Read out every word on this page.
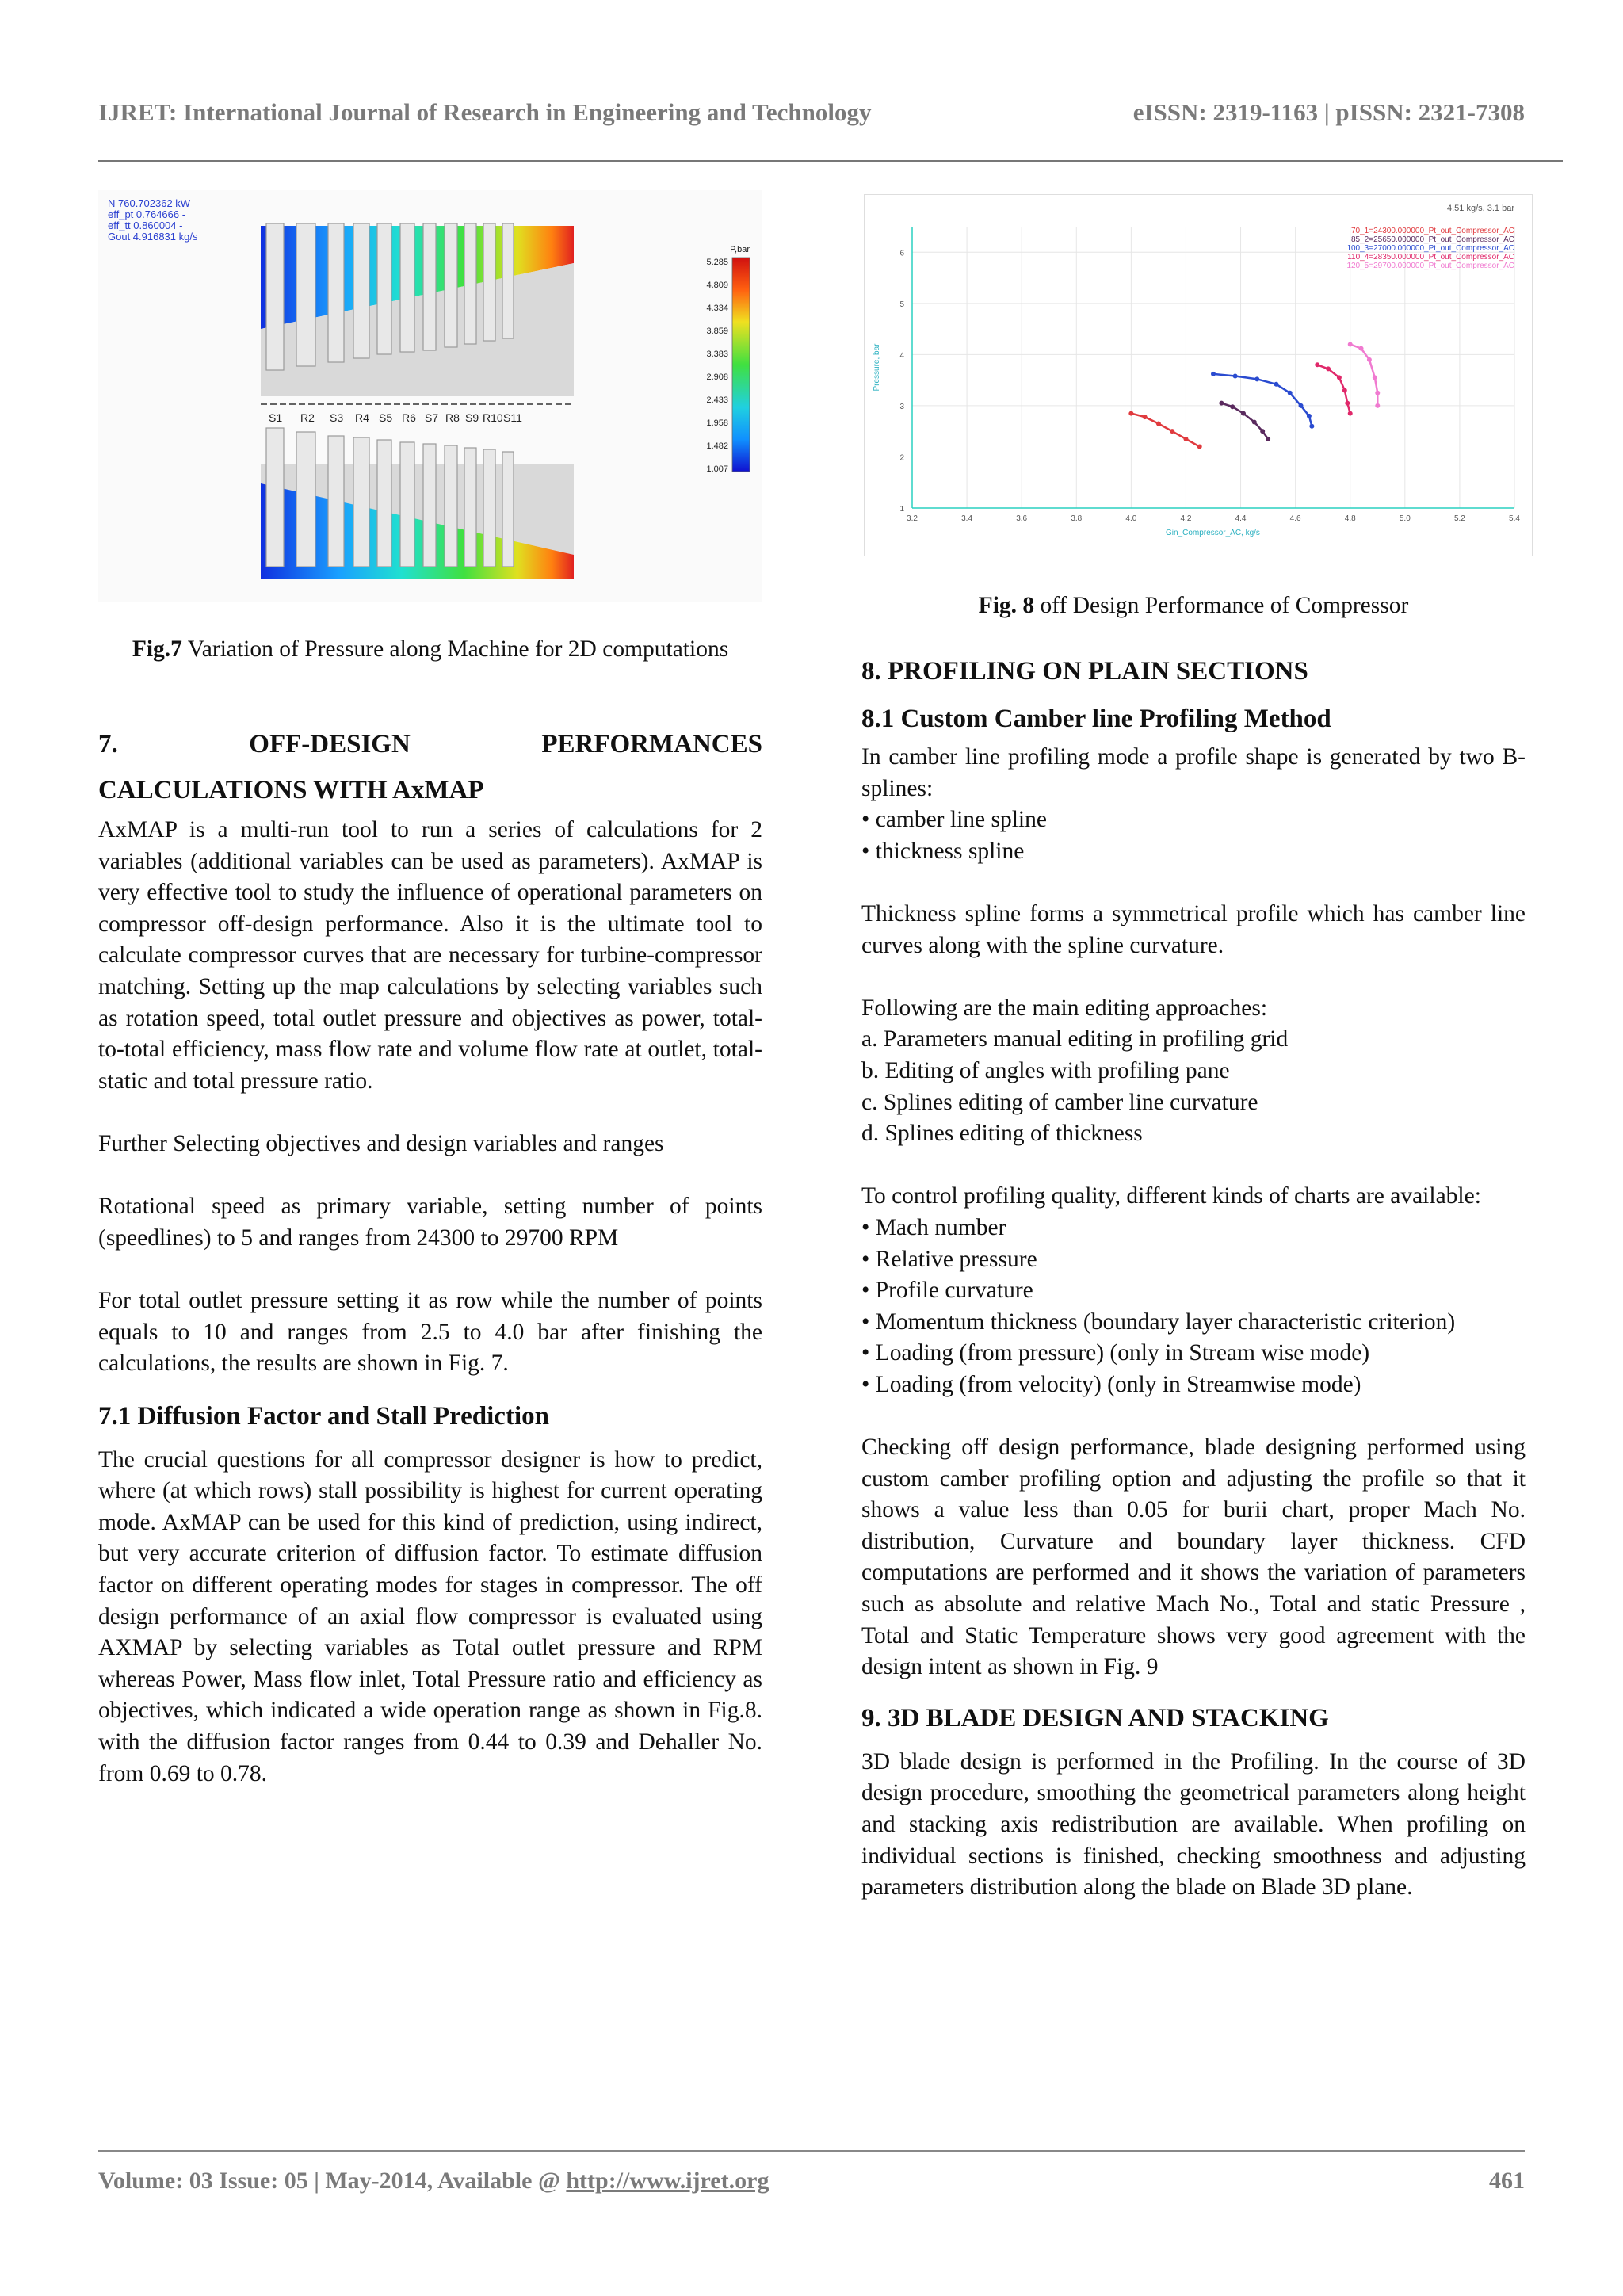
IJRET: International Journal of Research in Engineering and Technology	eISSN: 2319-1163 | pISSN: 2321-7308
N 760.702362 kW
eff_pt 0.764666 -
eff_tt 0.860004 -
Gout 4.916831 kg/s
S1 R2 S3 R4 S5 R6 S7 R8 S9 R10 S11
P,bar
5.285
4.809
4.334
3.859
3.383
2.908
2.433
1.958
1.482
1.007
Fig.7 Variation of Pressure along Machine for 2D computations
3.2	3.4	3.6	3.8	4.0	4.2	4.4	4.6	4.8	5.0	5.2	5.4
1
2
3
4
5
6
Gin_Compressor_AC, kg/s
Pressure, bar
4.51 kg/s, 3.1 bar
70_1=24300.000000_Pt_out_Compressor_AC
85_2=25650.000000_Pt_out_Compressor_AC
100_3=27000.000000_Pt_out_Compressor_AC
110_4=28350.000000_Pt_out_Compressor_AC
120_5=29700.000000_Pt_out_Compressor_AC
Fig. 8 off Design Performance of Compressor
7.	OFF-DESIGN	PERFORMANCES
CALCULATIONS WITH AxMAP

AxMAP is a multi-run tool to run a series of calculations for 2 variables (additional variables can be used as parameters). AxMAP is very effective tool to study the influence of operational parameters on compressor off-design performance. Also it is the ultimate tool to calculate compressor curves that are necessary for turbine-compressor matching. Setting up the map calculations by selecting variables such as rotation speed, total outlet pressure and objectives as power, total-to-total efficiency, mass flow rate and volume flow rate at outlet, total-static and total pressure ratio.

Further Selecting objectives and design variables and ranges

Rotational speed as primary variable, setting number of points (speedlines) to 5 and ranges from 24300 to 29700 RPM

For total outlet pressure setting it as row while the number of points equals to 10 and ranges from 2.5 to 4.0 bar after finishing the calculations, the results are shown in Fig. 7.

7.1 Diffusion Factor and Stall Prediction

The crucial questions for all compressor designer is how to predict, where (at which rows) stall possibility is highest for current operating mode. AxMAP can be used for this kind of prediction, using indirect, but very accurate criterion of diffusion factor. To estimate diffusion factor on different operating modes for stages in compressor. The off design performance of an axial flow compressor is evaluated using AXMAP by selecting variables as Total outlet pressure and RPM whereas Power, Mass flow inlet, Total Pressure ratio and efficiency as objectives, which indicated a wide operation range as shown in Fig.8. with the diffusion factor ranges from 0.44 to 0.39 and Dehaller No. from 0.69 to 0.78.

8. PROFILING ON PLAIN SECTIONS
8.1 Custom Camber line Profiling Method

In camber line profiling mode a profile shape is generated by two B-splines:

• camber line spline
• thickness spline

Thickness spline forms a symmetrical profile which has camber line curves along with the spline curvature.

Following are the main editing approaches:

a. Parameters manual editing in profiling grid
b. Editing of angles with profiling pane
c. Splines editing of camber line curvature
d. Splines editing of thickness

To control profiling quality, different kinds of charts are available:

• Mach number
• Relative pressure
• Profile curvature

• Momentum thickness (boundary layer characteristic criterion)

• Loading (from pressure) (only in Stream wise mode)
• Loading (from velocity) (only in Streamwise mode)

Checking off design performance, blade designing performed using custom camber profiling option and adjusting the profile so that it shows a value less than 0.05 for burii chart, proper Mach No. distribution, Curvature and boundary layer thickness. CFD computations are performed and it shows the variation of parameters such as absolute and relative Mach No., Total and static Pressure , Total and Static Temperature shows very good agreement with the design intent as shown in Fig. 9

9. 3D BLADE DESIGN AND STACKING

3D blade design is performed in the Profiling. In the course of 3D design procedure, smoothing the geometrical parameters along height and stacking axis redistribution are available. When profiling on individual sections is finished, checking smoothness and adjusting parameters distribution along the blade on Blade 3D plane.

Volume: 03 Issue: 05 | May-2014, Available @ http://www.ijret.org	461
